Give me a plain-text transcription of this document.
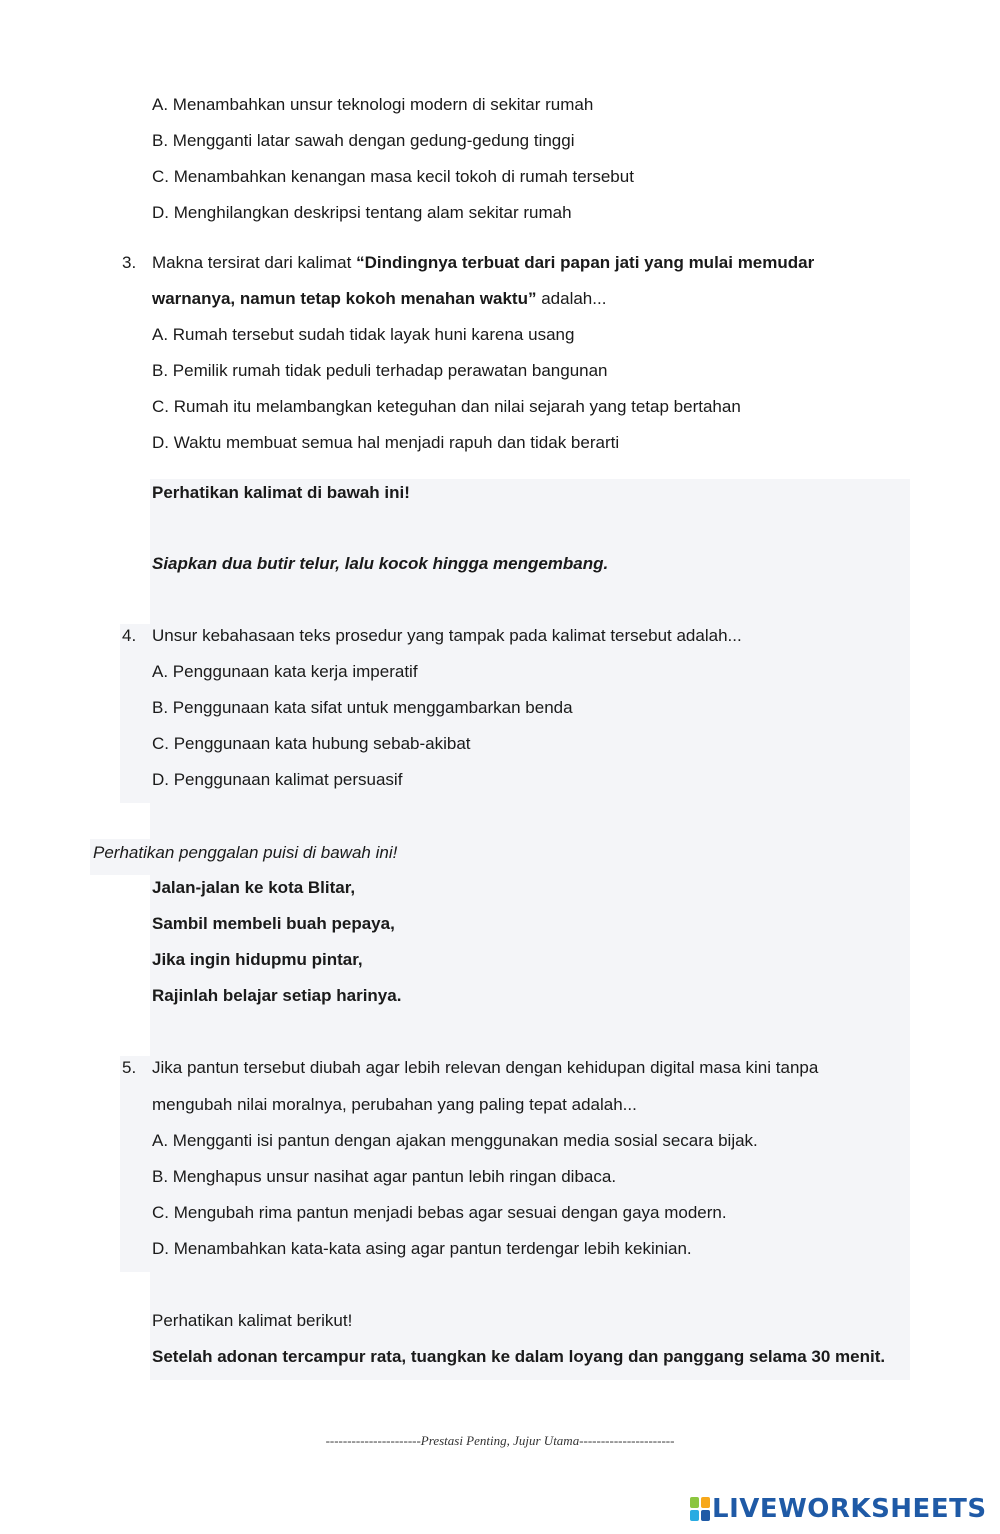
A. Menambahkan unsur teknologi modern di sekitar rumah
B. Mengganti latar sawah dengan gedung-gedung tinggi
C. Menambahkan kenangan masa kecil tokoh di rumah tersebut
D. Menghilangkan deskripsi tentang alam sekitar rumah
3. Makna tersirat dari kalimat “Dindingnya terbuat dari papan jati yang mulai memudar
warnanya, namun tetap kokoh menahan waktu” adalah...
A. Rumah tersebut sudah tidak layak huni karena usang
B. Pemilik rumah tidak peduli terhadap perawatan bangunan
C. Rumah itu melambangkan keteguhan dan nilai sejarah yang tetap bertahan
D. Waktu membuat semua hal menjadi rapuh dan tidak berarti
Perhatikan kalimat di bawah ini!
Siapkan dua butir telur, lalu kocok hingga mengembang.
4. Unsur kebahasaan teks prosedur yang tampak pada kalimat tersebut adalah...
A. Penggunaan kata kerja imperatif
B. Penggunaan kata sifat untuk menggambarkan benda
C. Penggunaan kata hubung sebab-akibat
D. Penggunaan kalimat persuasif
Perhatikan penggalan puisi di bawah ini!
Jalan-jalan ke kota Blitar,
Sambil membeli buah pepaya,
Jika ingin hidupmu pintar,
Rajinlah belajar setiap harinya.
5. Jika pantun tersebut diubah agar lebih relevan dengan kehidupan digital masa kini tanpa
mengubah nilai moralnya, perubahan yang paling tepat adalah...
A. Mengganti isi pantun dengan ajakan menggunakan media sosial secara bijak.
B. Menghapus unsur nasihat agar pantun lebih ringan dibaca.
C. Mengubah rima pantun menjadi bebas agar sesuai dengan gaya modern.
D. Menambahkan kata-kata asing agar pantun terdengar lebih kekinian.
Perhatikan kalimat berikut!
Setelah adonan tercampur rata, tuangkan ke dalam loyang dan panggang selama 30 menit.
----------------------Prestasi Penting, Jujur Utama----------------------
LIVEWORKSHEETS
